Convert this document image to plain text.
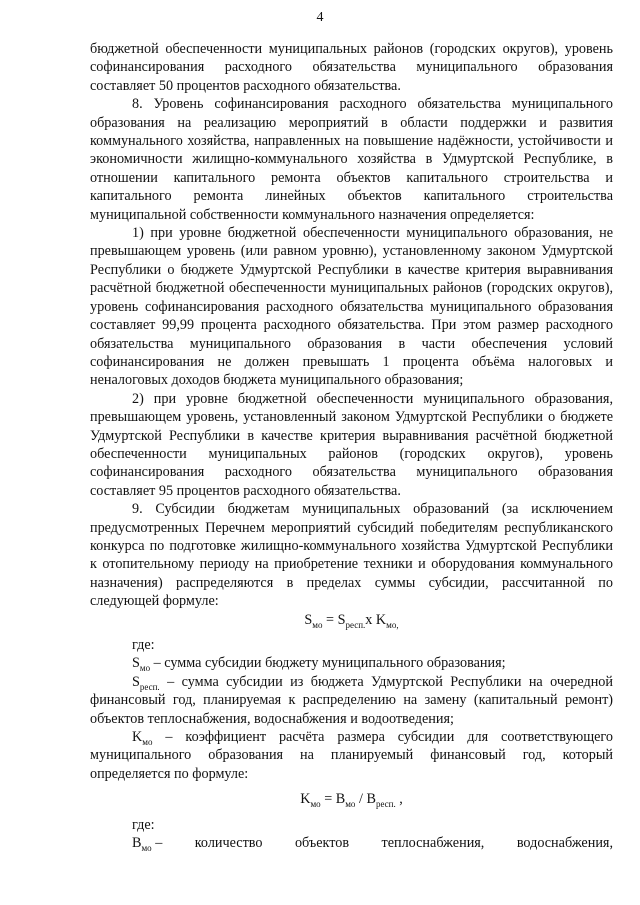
4

бюджетной обеспеченности муниципальных районов (городских округов), уровень софинансирования расходного обязательства муниципального образования составляет 50 процентов расходного обязательства.

8. Уровень софинансирования расходного обязательства муниципального образования на реализацию мероприятий в области поддержки и развития коммунального хозяйства, направленных на повышение надёжности, устойчивости и экономичности жилищно-коммунального хозяйства в Удмуртской Республике, в отношении капитального ремонта объектов капитального строительства и капитального ремонта линейных объектов капитального строительства муниципальной собственности коммунального назначения определяется:

1) при уровне бюджетной обеспеченности муниципального образования, не превышающем уровень (или равном уровню), установленному законом Удмуртской Республики о бюджете Удмуртской Республики в качестве критерия выравнивания расчётной бюджетной обеспеченности муниципальных районов (городских округов), уровень софинансирования расходного обязательства муниципального образования составляет 99,99 процента расходного обязательства. При этом размер расходного обязательства муниципального образования в части обеспечения условий софинансирования не должен превышать 1 процента объёма налоговых и неналоговых доходов бюджета муниципального образования;

2) при уровне бюджетной обеспеченности муниципального образования, превышающем уровень, установленный законом Удмуртской Республики о бюджете Удмуртской Республики в качестве критерия выравнивания расчётной бюджетной обеспеченности муниципальных районов (городских округов), уровень софинансирования расходного обязательства муниципального образования составляет 95 процентов расходного обязательства.

9. Субсидии бюджетам муниципальных образований (за исключением предусмотренных Перечнем мероприятий субсидий победителям республиканского конкурса по подготовке жилищно-коммунального хозяйства Удмуртской Республики к отопительному периоду на приобретение техники и оборудования коммунального назначения) распределяются в пределах суммы субсидии, рассчитанной по следующей формуле:

$S_{мо} = S_{респ.}х$ $K_{мо,}$

где:

$S_{мо}$ – сумма субсидии бюджету муниципального образования;

$S_{респ.}$ – сумма субсидии из бюджета Удмуртской Республики на очередной финансовый год, планируемая к распределению на замену (капитальный ремонт) объектов теплоснабжения, водоснабжения и водоотведения;

$K_{мо}$ – коэффициент расчёта размера субсидии для соответствующего муниципального образования на планируемый финансовый год, который определяется по формуле:

$K_{мо} = B_{мо} / B_{респ.}$ ,

где:

$B_{мо}$ – количество объектов теплоснабжения, водоснабжения,
